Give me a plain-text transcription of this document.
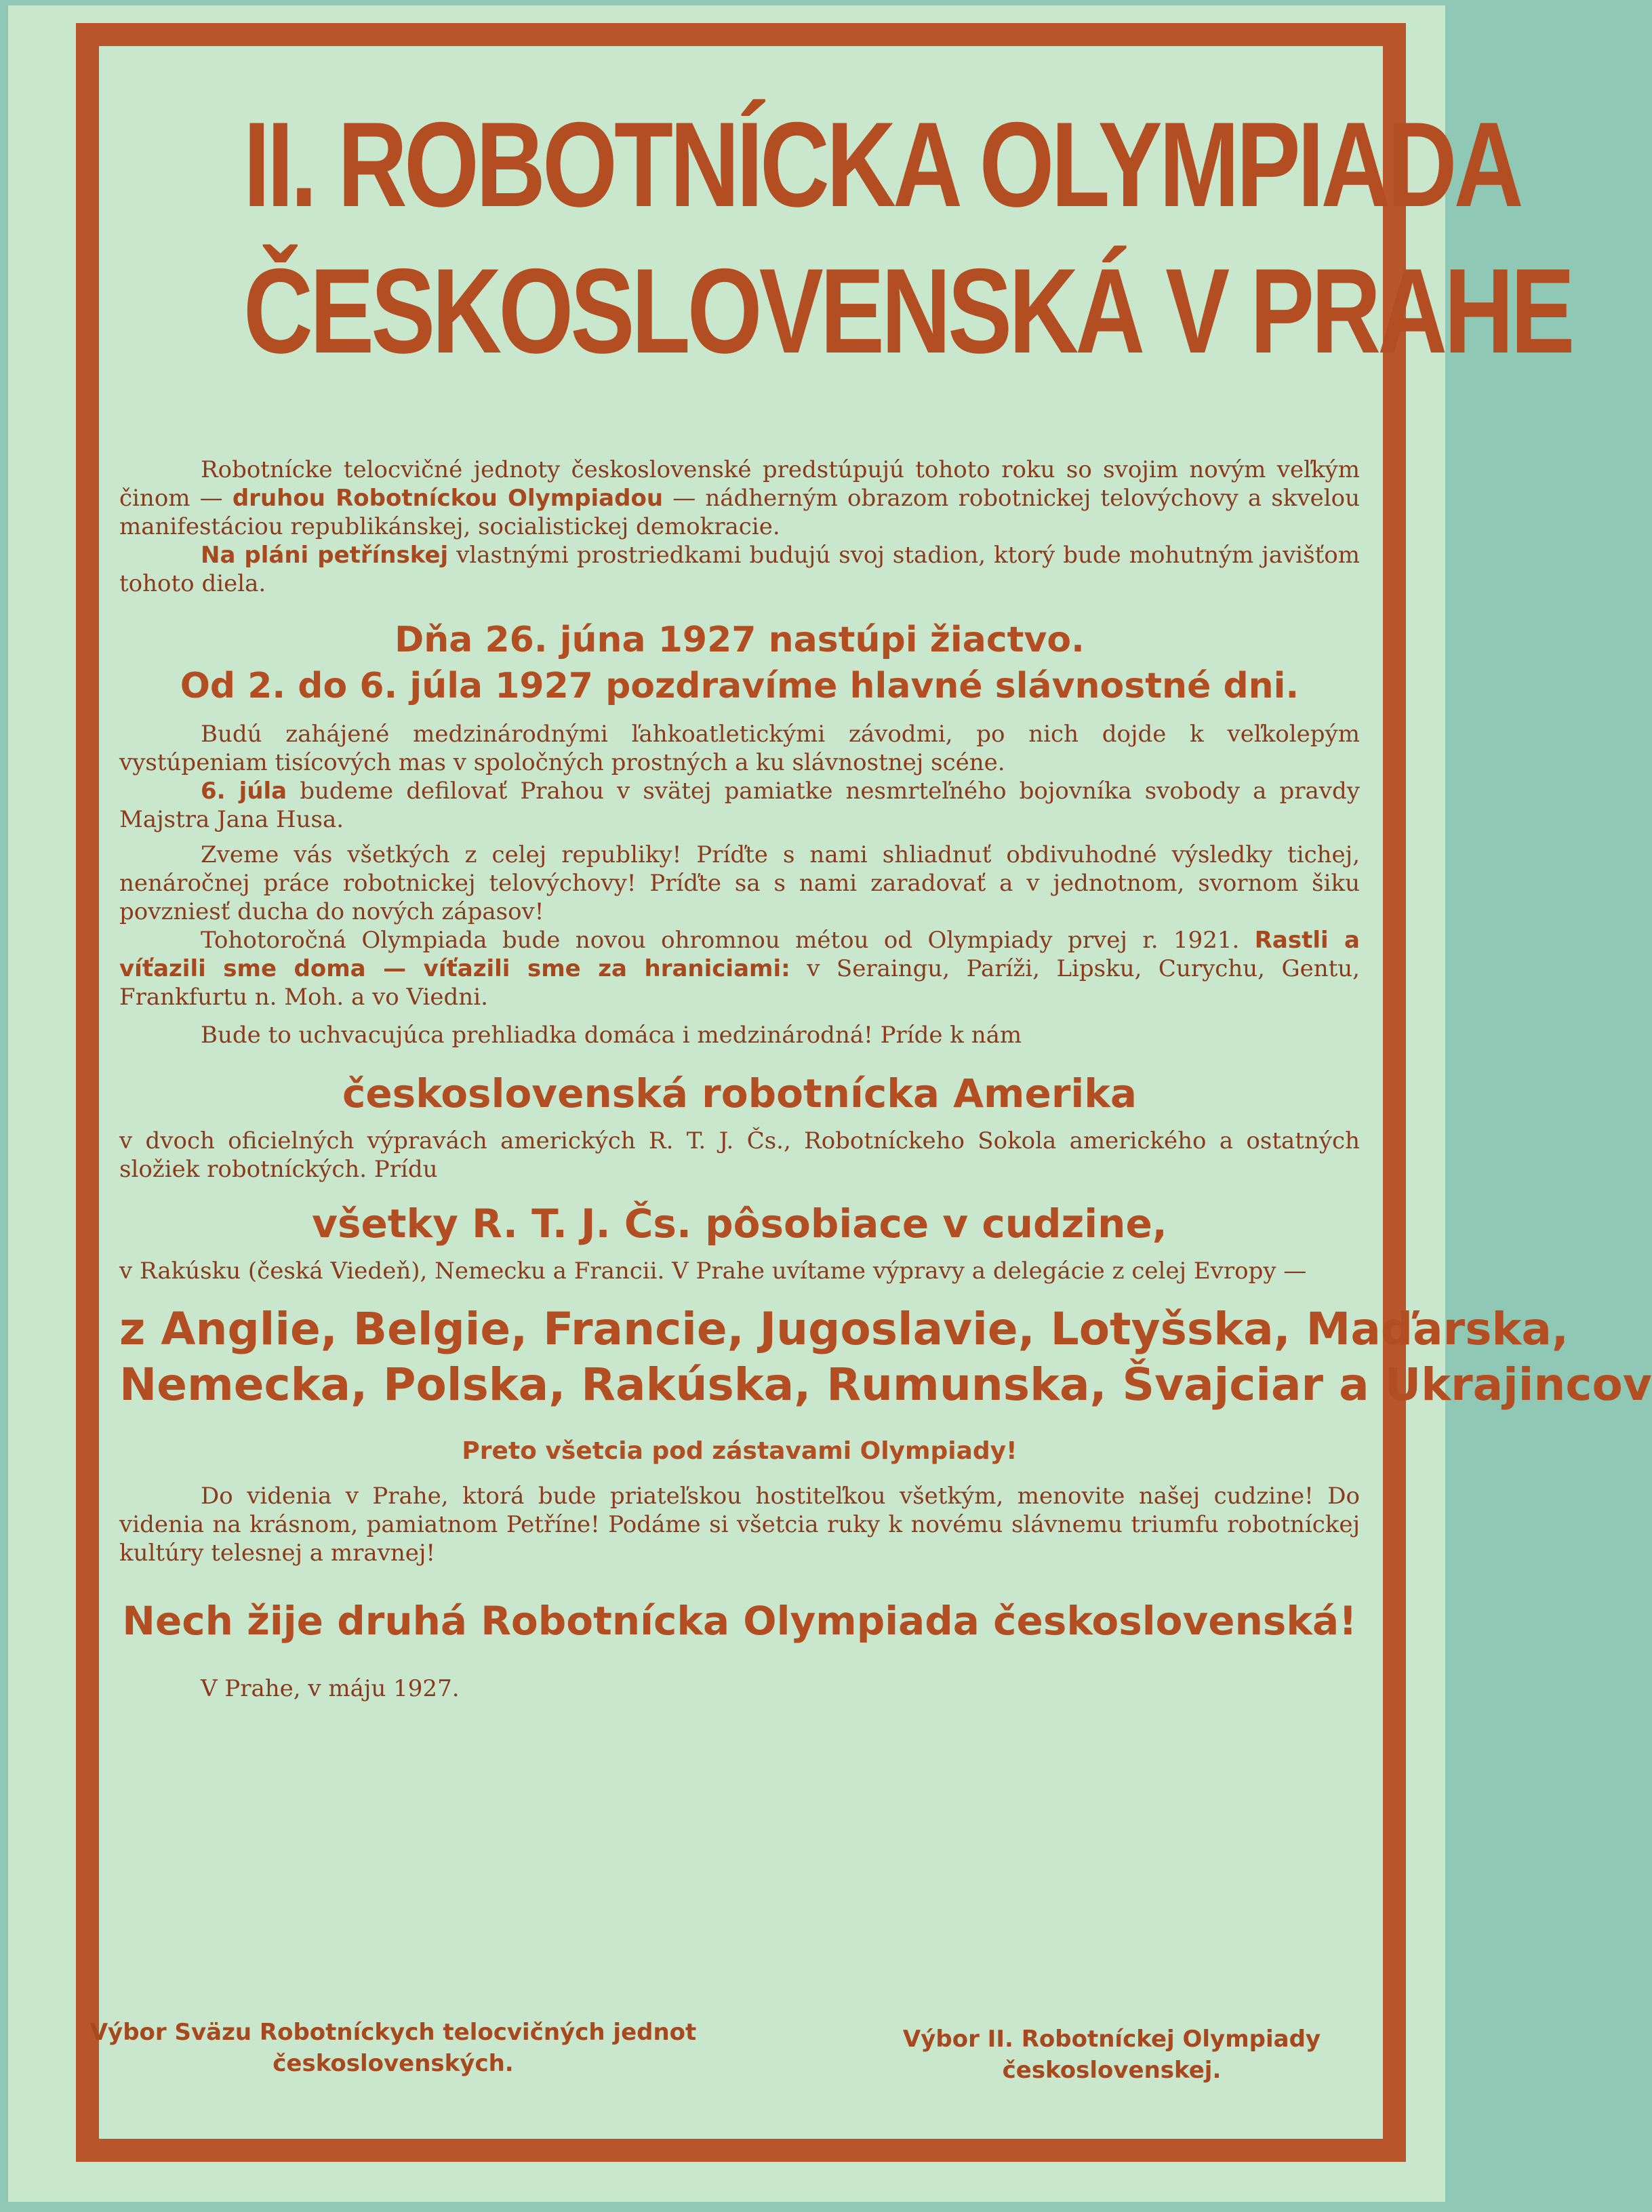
II. ROBOTNÍCKA OLYMPIADA
ČESKOSLOVENSKÁ V PRAHE

Robotnícke telocvičné jednoty československé predstúpujú tohoto roku so svojim novým veľkým činom — druhou Robotníckou Olympiadou — nádherným obrazom robotnickej telovýchovy a skvelou manifestáciou republikánskej, socialistickej demokracie.

Na pláni petřínskej vlastnými prostriedkami budujú svoj stadion, ktorý bude mohutným javišťom tohoto diela.

Dňa 26. júna 1927 nastúpi žiactvo.
Od 2. do 6. júla 1927 pozdravíme hlavné slávnostné dni.

Budú zahájené medzinárodnými ľahkoatletickými závodmi, po nich dojde k veľkolepým vystúpeniam tisícových mas v spoločných prostných a ku slávnostnej scéne.

6. júla budeme defilovať Prahou v svätej pamiatke nesmrteľného bojovníka svobody a pravdy Majstra Jana Husa.

Zveme vás všetkých z celej republiky! Príďte s nami shliadnuť obdivuhodné výsledky tichej, nenáročnej práce robotnickej telovýchovy! Príďte sa s nami zaradovať a v jednotnom, svornom šiku povzniesť ducha do nových zápasov!

Tohotoročná Olympiada bude novou ohromnou métou od Olympiady prvej r. 1921. Rastli a víťazili sme doma — víťazili sme za hraniciami: v Seraingu, Paríži, Lipsku, Curychu, Gentu, Frankfurtu n. Moh. a vo Viedni.

Bude to uchvacujúca prehliadka domáca i medzinárodná! Príde k nám

československá robotnícka Amerika

v dvoch oficielných výpravách amerických R. T. J. Čs., Robotníckeho Sokola amerického a ostatných složiek robotníckých. Prídu

všetky R. T. J. Čs. pôsobiace v cudzine,

v Rakúsku (česká Viedeň), Nemecku a Francii. V Prahe uvítame výpravy a delegácie z celej Evropy —

z Anglie, Belgie, Francie, Jugoslavie, Lotyšska, Maďarska,
Nemecka, Polska, Rakúska, Rumunska, Švajciar a Ukrajincov
Preto všetcia pod zástavami Olympiady!

Do videnia v Prahe, ktorá bude priateľskou hostiteľkou všetkým, menovite našej cudzine! Do videnia na krásnom, pamiatnom Petříne! Podáme si všetcia ruky k novému slávnemu triumfu robotníckej kultúry telesnej a mravnej!

Nech žije druhá Robotnícka Olympiada československá!

V Prahe, v máju 1927.

Výbor Sväzu Robotníckych telocvičných jednot
československých.
Výbor II. Robotníckej Olympiady
československej.
